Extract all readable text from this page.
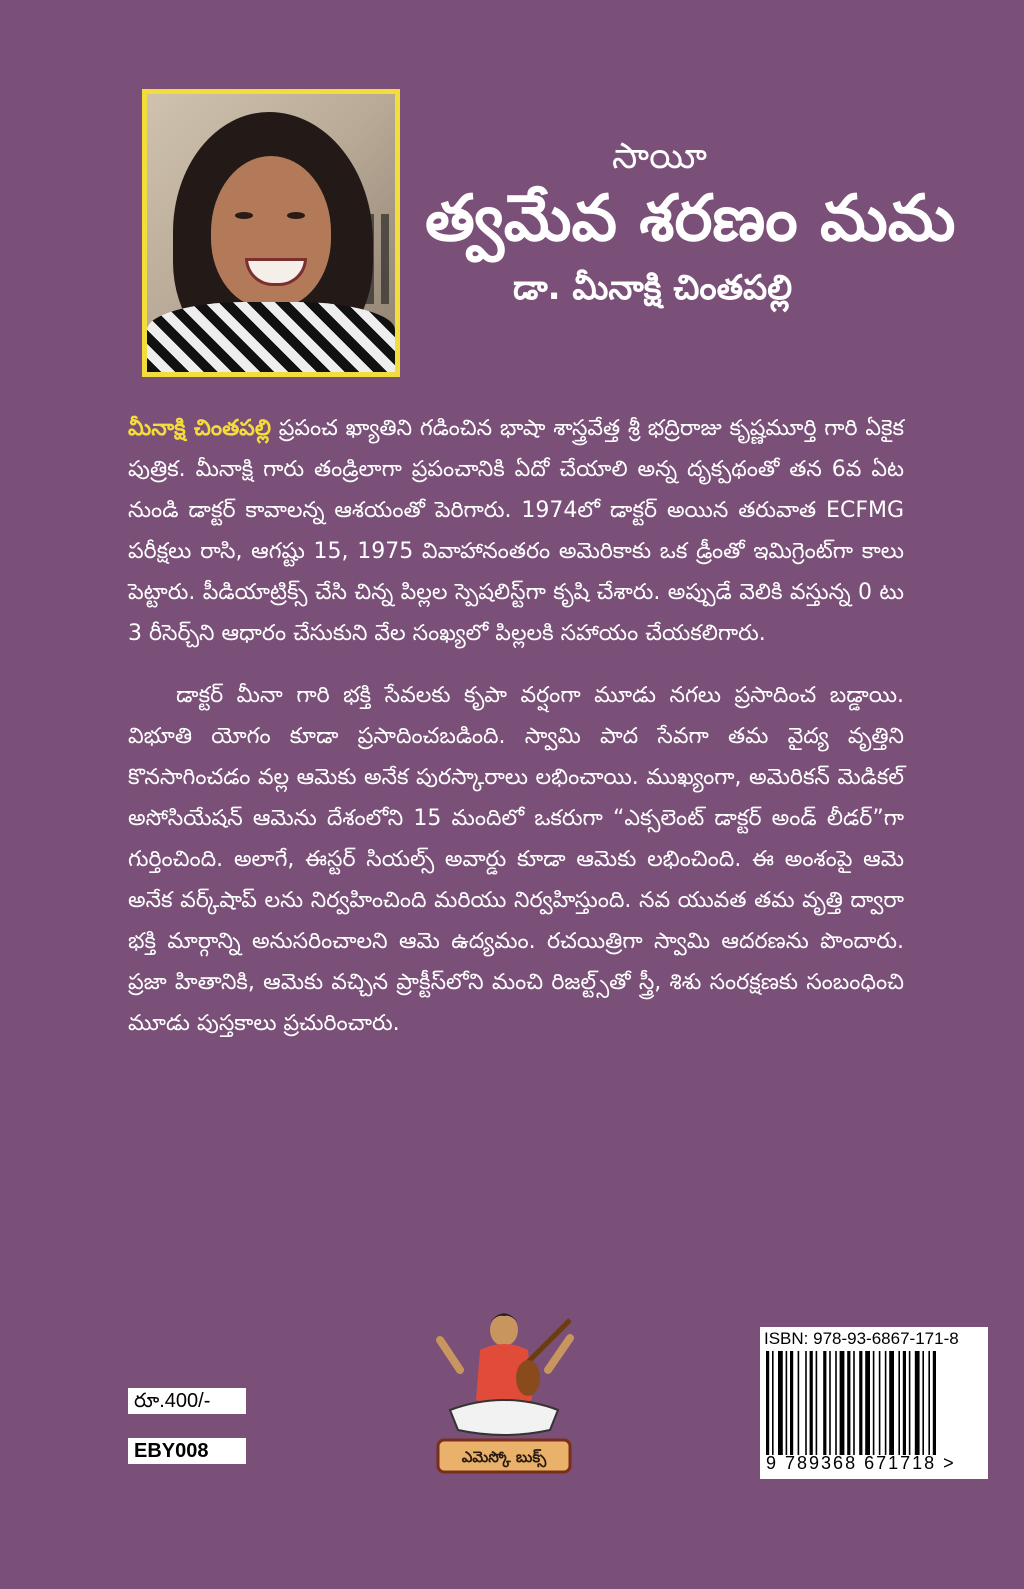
సాయీ
త్వమేవ శరణం మమ
డా. మీనాక్షి చింతపల్లి

మీనాక్షి చింతపల్లి ప్రపంచ ఖ్యాతిని గడించిన భాషా శాస్త్రవేత్త శ్రీ భద్రిరాజు కృష్ణమూర్తి గారి ఏకైక పుత్రిక. మీనాక్షి గారు తండ్రిలాగా ప్రపంచానికి ఏదో చేయాలి అన్న దృక్పథంతో తన 6వ ఏట నుండి డాక్టర్ కావాలన్న ఆశయంతో పెరిగారు. 1974లో డాక్టర్ అయిన తరువాత ECFMG పరీక్షలు రాసి, ఆగష్టు 15, 1975 వివాహానంతరం అమెరికాకు ఒక డ్రీంతో ఇమిగ్రెంట్‌గా కాలు పెట్టారు. పీడియాట్రిక్స్ చేసి చిన్న పిల్లల స్పెషలిస్ట్‌గా కృషి చేశారు. అప్పుడే వెలికి వస్తున్న 0 టు 3 రీసెర్చ్‌ని ఆధారం చేసుకుని వేల సంఖ్యలో పిల్లలకి సహాయం చేయకలిగారు.

డాక్టర్ మీనా గారి భక్తి సేవలకు కృపా వర్షంగా మూడు నగలు ప్రసాదించ బడ్డాయి. విభూతి యోగం కూడా ప్రసాదించబడింది. స్వామి పాద సేవగా తమ వైద్య వృత్తిని కొనసాగించడం వల్ల ఆమెకు అనేక పురస్కారాలు లభించాయి. ముఖ్యంగా, అమెరికన్ మెడికల్ అసోసియేషన్ ఆమెను దేశంలోని 15 మందిలో ఒకరుగా “ఎక్సలెంట్ డాక్టర్ అండ్ లీడర్”గా గుర్తించింది. అలాగే, ఈస్టర్ సియల్స్ అవార్డు కూడా ఆమెకు లభించింది. ఈ అంశంపై ఆమె అనేక వర్క్‌షాప్ లను నిర్వహించింది మరియు నిర్వహిస్తుంది. నవ యువత తమ వృత్తి ద్వారా భక్తి మార్గాన్ని అనుసరించాలని ఆమె ఉద్యమం. రచయిత్రిగా స్వామి ఆదరణను పొందారు. ప్రజా హితానికి, ఆమెకు వచ్చిన ప్రాక్టీస్‌లోని మంచి రిజల్ట్స్‌తో స్త్రీ, శిశు సంరక్షణకు సంబంధించి మూడు పుస్తకాలు ప్రచురించారు.

రూ.400/-
EBY008	ఎమెస్కో బుక్స్
ISBN: 978-93-6867-171-8
9 789368 671718 >
